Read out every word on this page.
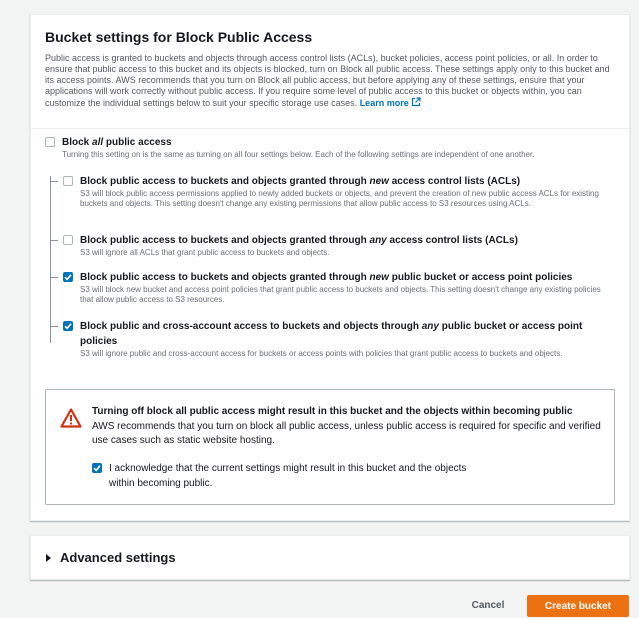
Bucket settings for Block Public Access
Public access is granted to buckets and objects through access control lists (ACLs), bucket policies, access point policies, or all. In order to ensure that public access to this bucket and its objects is blocked, turn on Block all public access. These settings apply only to this bucket and its access points. AWS recommends that you turn on Block all public access, but before applying any of these settings, ensure that your applications will work correctly without public access. If you require some level of public access to this bucket or objects within, you can customize the individual settings below to suit your specific storage use cases. Learn more
Block all public access
Turning this setting on is the same as turning on all four settings below. Each of the following settings are independent of one another.
Block public access to buckets and objects granted through new access control lists (ACLs)
S3 will block public access permissions applied to newly added buckets or objects, and prevent the creation of new public access ACLs for existing buckets and objects. This setting doesn't change any existing permissions that allow public access to S3 resources using ACLs.
Block public access to buckets and objects granted through any access control lists (ACLs)
S3 will ignore all ACLs that grant public access to buckets and objects.
Block public access to buckets and objects granted through new public bucket or access point policies
S3 will block new bucket and access point policies that grant public access to buckets and objects. This setting doesn't change any existing policies that allow public access to S3 resources.
Block public and cross-account access to buckets and objects through any public bucket or access point policies
S3 will ignore public and cross-account access for buckets or access points with policies that grant public access to buckets and objects.
Turning off block all public access might result in this bucket and the objects within becoming public
AWS recommends that you turn on block all public access, unless public access is required for specific and verified use cases such as static website hosting.
I acknowledge that the current settings might result in this bucket and the objects within becoming public.
Advanced settings
Cancel	Create bucket
